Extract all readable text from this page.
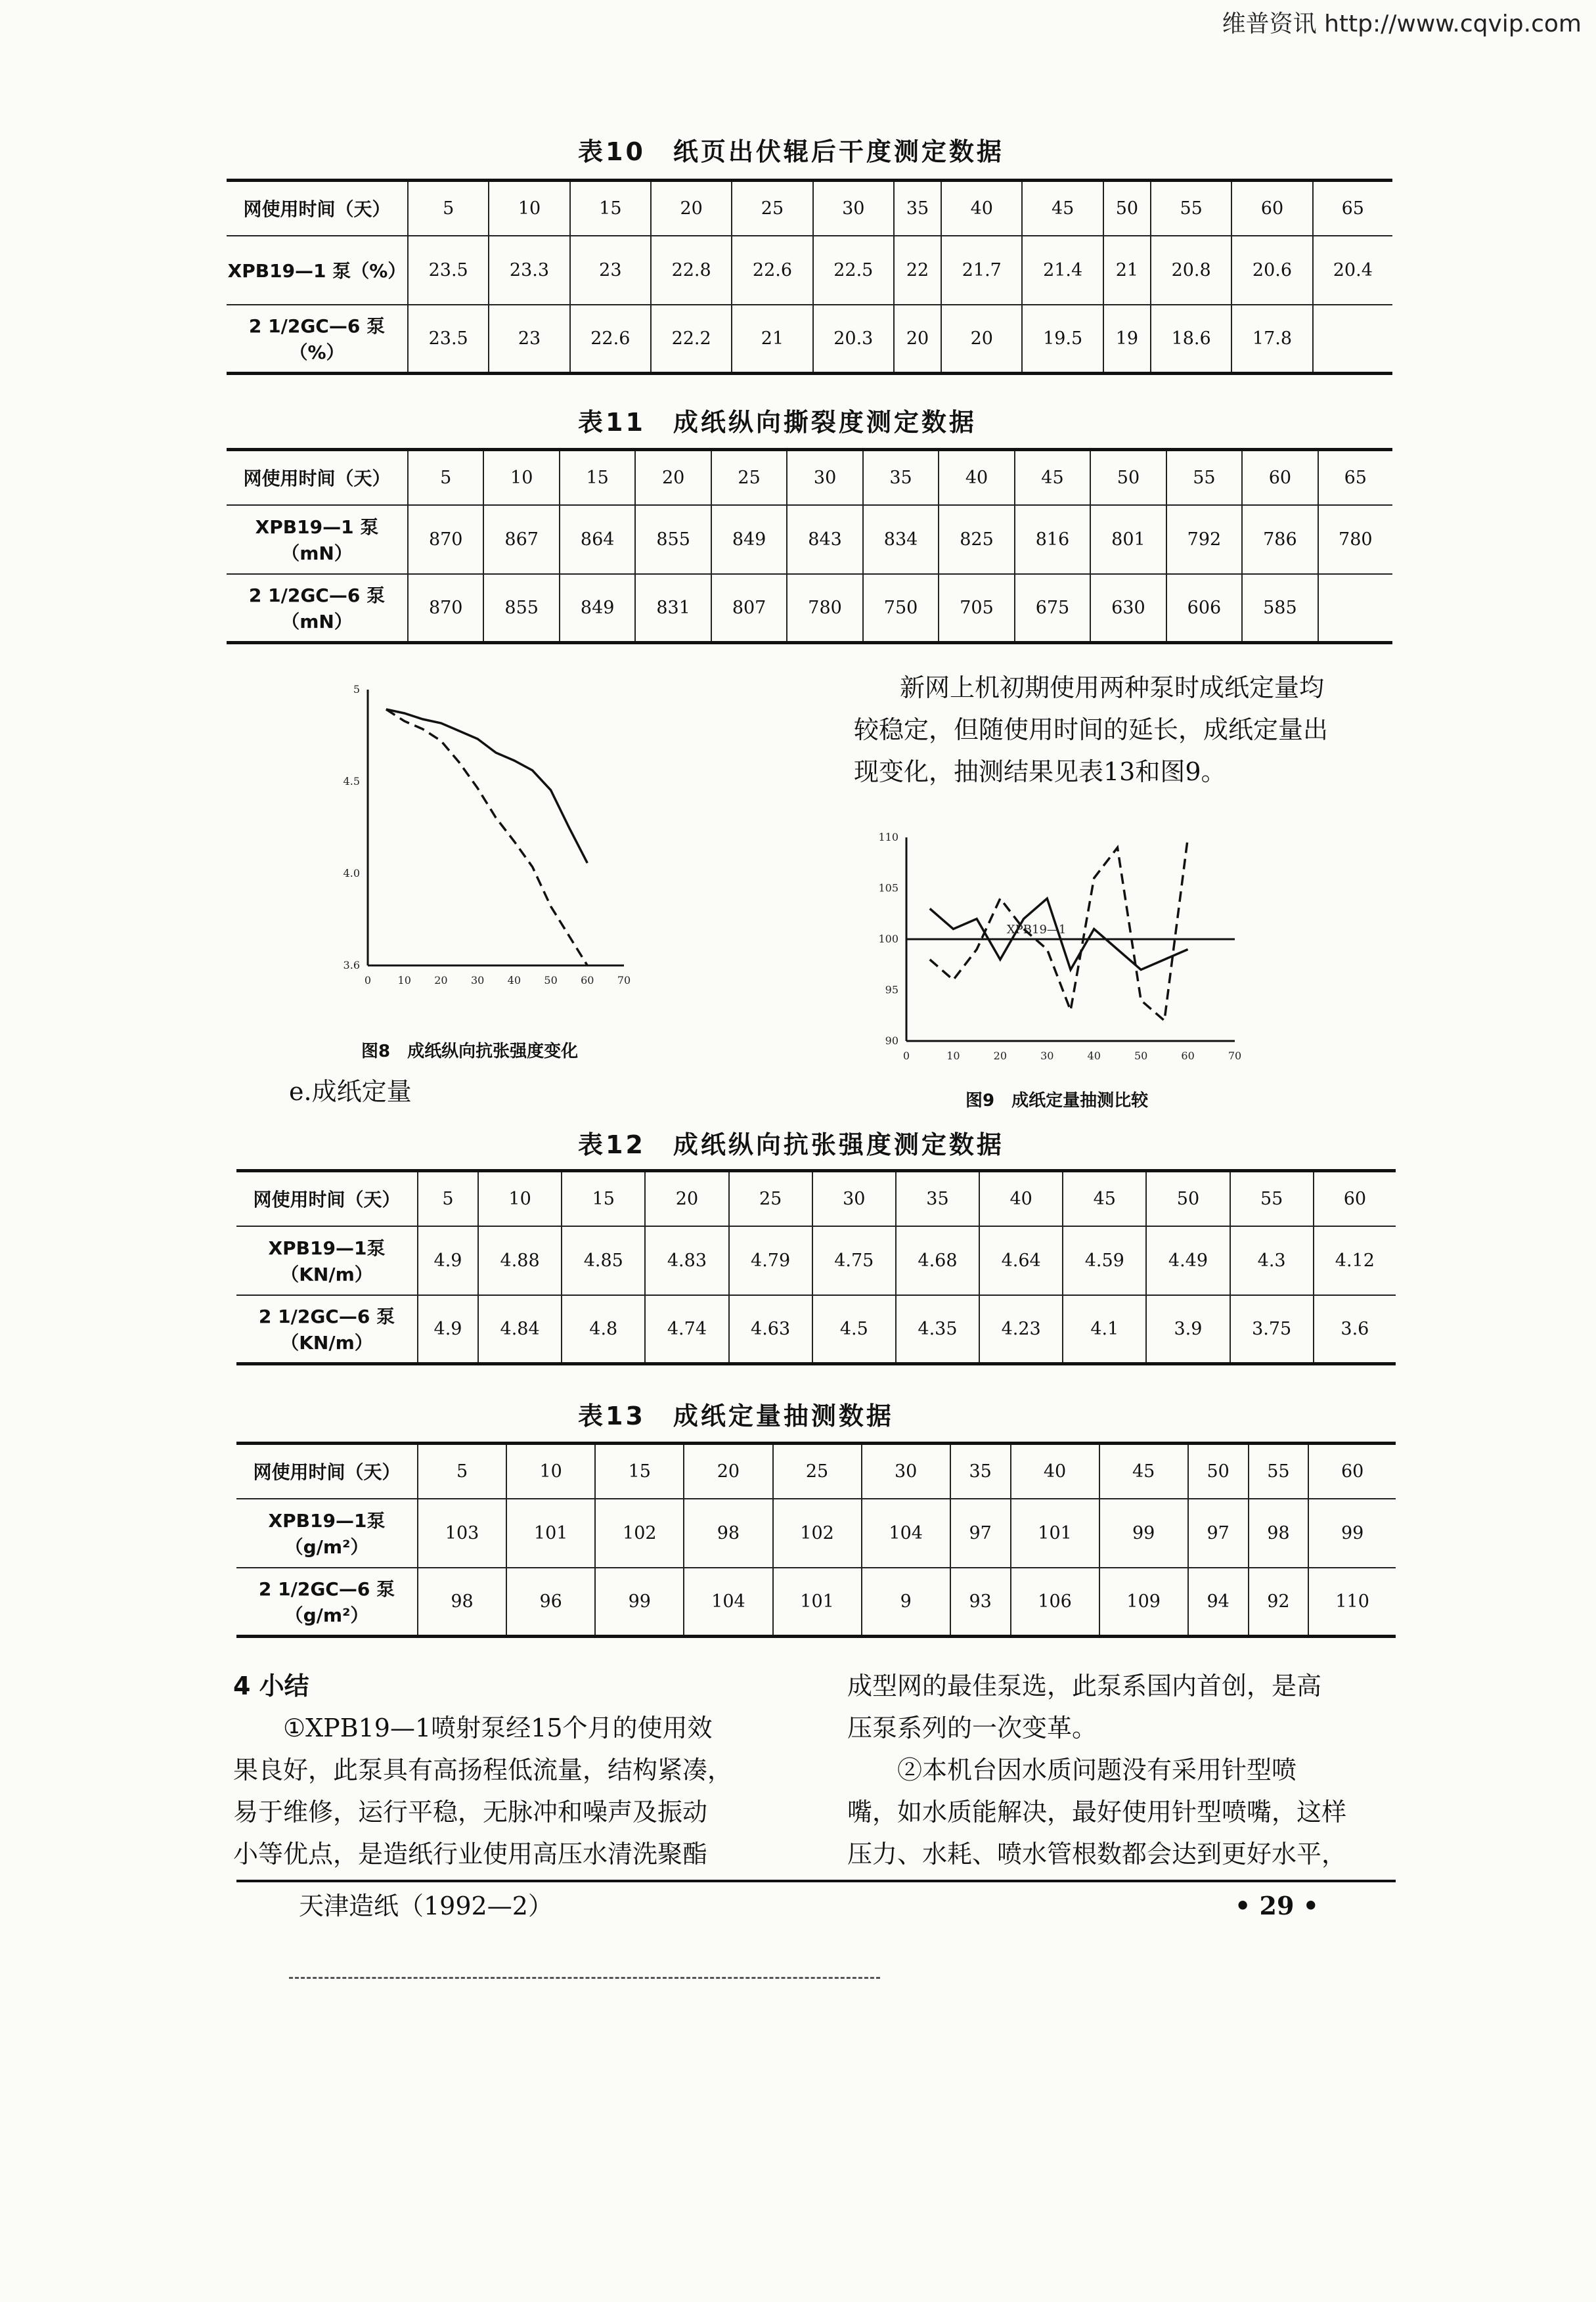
维普资讯 http://www.cqvip.com
表10　纸页出伏辊后干度测定数据
网使用时间（天）	5	10	15	20	25	30	35	40	45	50	55	60	65
XPB19—1 泵（%）	23.5	23.3	23	22.8	22.6	22.5	22	21.7	21.4	21	20.8	20.6	20.4
2 1/2GC—6 泵（%）	23.5	23	22.6	22.2	21	20.3	20	20	19.5	19	18.6	17.8	
表11　成纸纵向撕裂度测定数据
网使用时间（天）	5	10	15	20	25	30	35	40	45	50	55	60	65
XPB19—1 泵（mN）	870	867	864	855	849	843	834	825	816	801	792	786	780
2 1/2GC—6 泵（mN）	870	855	849	831	807	780	750	705	675	630	606	585	
0	10 20 30 40 50 60 70
5
4.5
4.0
3.6
图8　成纸纵向抗张强度变化
e.成纸定量
新网上机初期使用两种泵时成纸定量均
较稳定，但随使用时间的延长，成纸定量出
现变化，抽测结果见表13和图9。
0	10	20	30	40	50	60	70
110
105
100
95
90
XPB19—1
图9　成纸定量抽测比较
表12　成纸纵向抗张强度测定数据
网使用时间（天）	5	10	15	20	25	30	35	40	45	50	55	60
XPB19—1泵（KN/m）	4.9	4.88	4.85	4.83	4.79	4.75	4.68	4.64	4.59	4.49	4.3	4.12
2 1/2GC—6 泵（KN/m）	4.9	4.84	4.8	4.74	4.63	4.5	4.35	4.23	4.1	3.9	3.75	3.6
表13　成纸定量抽测数据
网使用时间（天）	5	10	15	20	25	30	35	40	45	50	55	60
XPB19—1泵（g/m²）	103	101	102	98	102	104	97	101	99	97	98	99
2 1/2GC—6 泵（g/m²）	98	96	99	104	101	9	93	106	109	94	92	110
4 小结
①XPB19—1喷射泵经15个月的使用效
果良好，此泵具有高扬程低流量，结构紧凑，
易于维修，运行平稳，无脉冲和噪声及振动
小等优点，是造纸行业使用高压水清洗聚酯
成型网的最佳泵选，此泵系国内首创，是高
压泵系列的一次变革。
②本机台因水质问题没有采用针型喷
嘴，如水质能解决，最好使用针型喷嘴，这样
压力、水耗、喷水管根数都会达到更好水平，
天津造纸（1992—2）	• 29 •
